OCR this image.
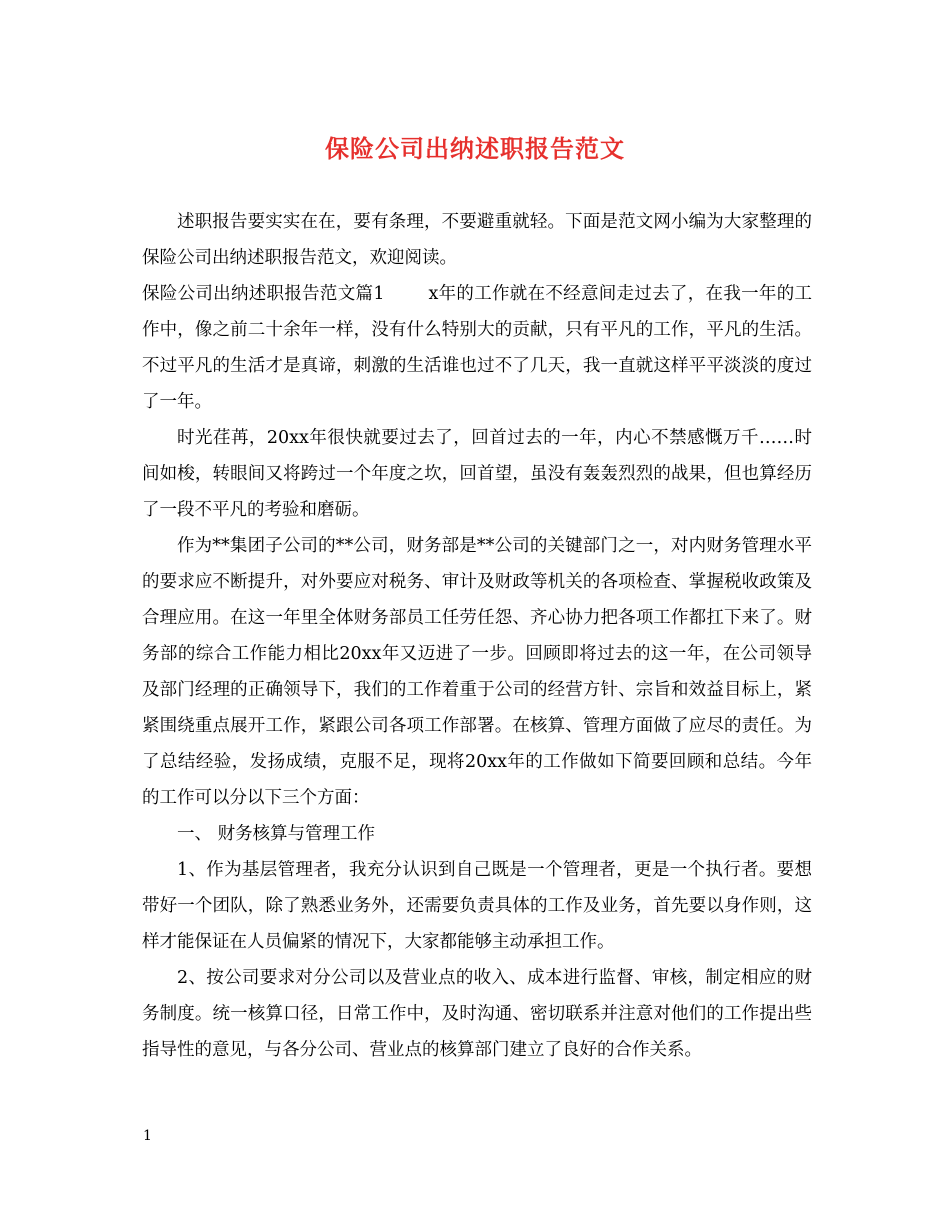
保险公司出纳述职报告范文

述职报告要实实在在，要有条理，不要避重就轻。下面是范文网小编为大家整理的保险公司出纳述职报告范文，欢迎阅读。

保险公司出纳述职报告范文篇1	x年的工作就在不经意间走过去了，在我一年的工作中，像之前二十余年一样，没有什么特别大的贡献，只有平凡的工作，平凡的生活。不过平凡的生活才是真谛，刺激的生活谁也过不了几天，我一直就这样平平淡淡的度过了一年。

时光荏苒，20xx年很快就要过去了，回首过去的一年，内心不禁感慨万千……时间如梭，转眼间又将跨过一个年度之坎，回首望，虽没有轰轰烈烈的战果，但也算经历了一段不平凡的考验和磨砺。

作为**集团子公司的**公司，财务部是**公司的关键部门之一，对内财务管理水平的要求应不断提升，对外要应对税务、审计及财政等机关的各项检查、掌握税收政策及合理应用。在这一年里全体财务部员工任劳任怨、齐心协力把各项工作都扛下来了。财务部的综合工作能力相比20xx年又迈进了一步。回顾即将过去的这一年，在公司领导及部门经理的正确领导下，我们的工作着重于公司的经营方针、宗旨和效益目标上，紧紧围绕重点展开工作，紧跟公司各项工作部署。在核算、管理方面做了应尽的责任。为了总结经验，发扬成绩，克服不足，现将20xx年的工作做如下简要回顾和总结。今年的工作可以分以下三个方面：

一、 财务核算与管理工作

1、作为基层管理者，我充分认识到自己既是一个管理者，更是一个执行者。要想带好一个团队，除了熟悉业务外，还需要负责具体的工作及业务，首先要以身作则，这样才能保证在人员偏紧的情况下，大家都能够主动承担工作。

2、按公司要求对分公司以及营业点的收入、成本进行监督、审核，制定相应的财务制度。统一核算口径，日常工作中，及时沟通、密切联系并注意对他们的工作提出些指导性的意见，与各分公司、营业点的核算部门建立了良好的合作关系。

1
